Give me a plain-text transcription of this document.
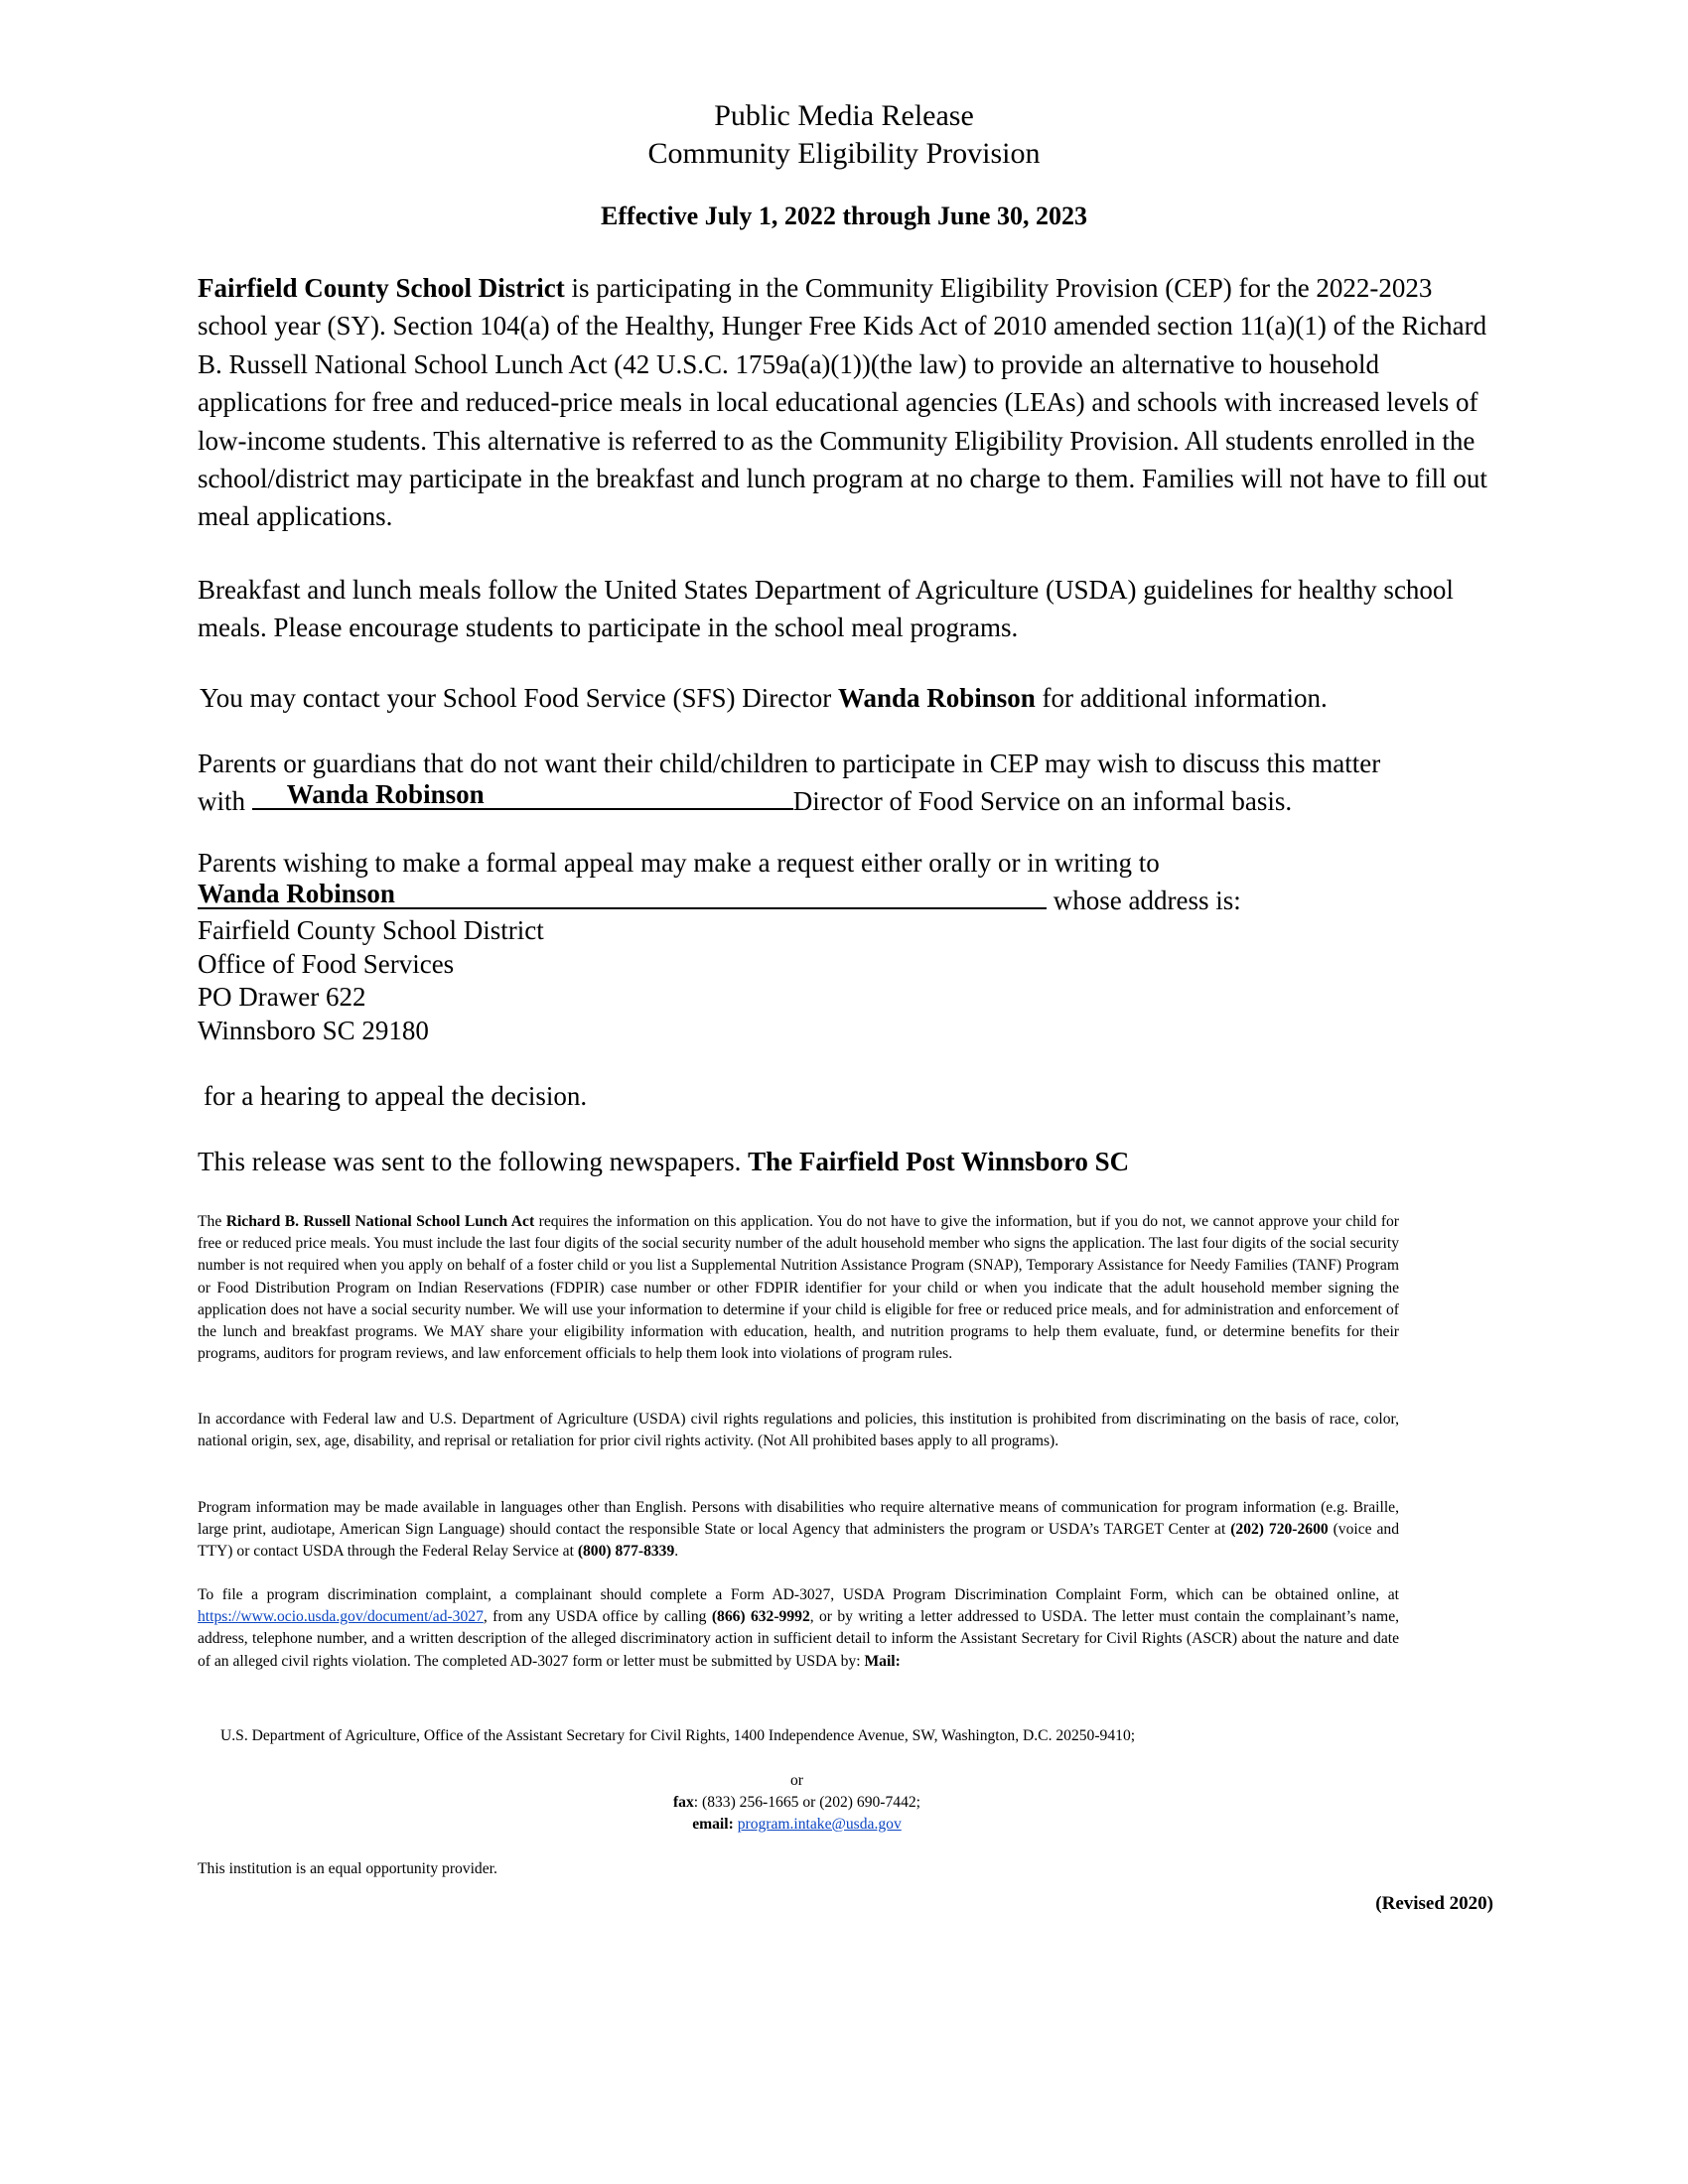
Public Media Release
Community Eligibility Provision
Effective July 1, 2022 through June 30, 2023
Fairfield County School District is participating in the Community Eligibility Provision (CEP) for the 2022-2023 school year (SY). Section 104(a) of the Healthy, Hunger Free Kids Act of 2010 amended section 11(a)(1) of the Richard B. Russell National School Lunch Act (42 U.S.C. 1759a(a)(1))(the law) to provide an alternative to household applications for free and reduced-price meals in local educational agencies (LEAs) and schools with increased levels of low-income students. This alternative is referred to as the Community Eligibility Provision. All students enrolled in the school/district may participate in the breakfast and lunch program at no charge to them. Families will not have to fill out meal applications.
Breakfast and lunch meals follow the United States Department of Agriculture (USDA) guidelines for healthy school meals. Please encourage students to participate in the school meal programs.
You may contact your School Food Service (SFS) Director Wanda Robinson for additional information.
Parents or guardians that do not want their child/children to participate in CEP may wish to discuss this matter
with Wanda Robinson	Director of Food Service on an informal basis.
Parents wishing to make a formal appeal may make a request either orally or in writing to
Wanda Robinson	whose address is:
Fairfield County School District
Office of Food Services
PO Drawer 622
Winnsboro SC 29180
for a hearing to appeal the decision.
This release was sent to the following newspapers. The Fairfield Post Winnsboro SC
The Richard B. Russell National School Lunch Act requires the information on this application. You do not have to give the information, but if you do not, we cannot approve your child for free or reduced price meals. You must include the last four digits of the social security number of the adult household member who signs the application. The last four digits of the social security number is not required when you apply on behalf of a foster child or you list a Supplemental Nutrition Assistance Program (SNAP), Temporary Assistance for Needy Families (TANF) Program or Food Distribution Program on Indian Reservations (FDPIR) case number or other FDPIR identifier for your child or when you indicate that the adult household member signing the application does not have a social security number. We will use your information to determine if your child is eligible for free or reduced price meals, and for administration and enforcement of the lunch and breakfast programs. We MAY share your eligibility information with education, health, and nutrition programs to help them evaluate, fund, or determine benefits for their programs, auditors for program reviews, and law enforcement officials to help them look into violations of program rules.
In accordance with Federal law and U.S. Department of Agriculture (USDA) civil rights regulations and policies, this institution is prohibited from discriminating on the basis of race, color, national origin, sex, age, disability, and reprisal or retaliation for prior civil rights activity. (Not All prohibited bases apply to all programs).
Program information may be made available in languages other than English. Persons with disabilities who require alternative means of communication for program information (e.g. Braille, large print, audiotape, American Sign Language) should contact the responsible State or local Agency that administers the program or USDA’s TARGET Center at (202) 720-2600 (voice and TTY) or contact USDA through the Federal Relay Service at (800) 877-8339.
To file a program discrimination complaint, a complainant should complete a Form AD-3027, USDA Program Discrimination Complaint Form, which can be obtained online, at https://www.ocio.usda.gov/document/ad-3027, from any USDA office by calling (866) 632-9992, or by writing a letter addressed to USDA. The letter must contain the complainant’s name, address, telephone number, and a written description of the alleged discriminatory action in sufficient detail to inform the Assistant Secretary for Civil Rights (ASCR) about the nature and date of an alleged civil rights violation. The completed AD-3027 form or letter must be submitted by USDA by: Mail:
U.S. Department of Agriculture, Office of the Assistant Secretary for Civil Rights, 1400 Independence Avenue, SW, Washington, D.C. 20250-9410;
or
fax: (833) 256-1665 or (202) 690-7442;
email: program.intake@usda.gov
This institution is an equal opportunity provider.
(Revised 2020)
